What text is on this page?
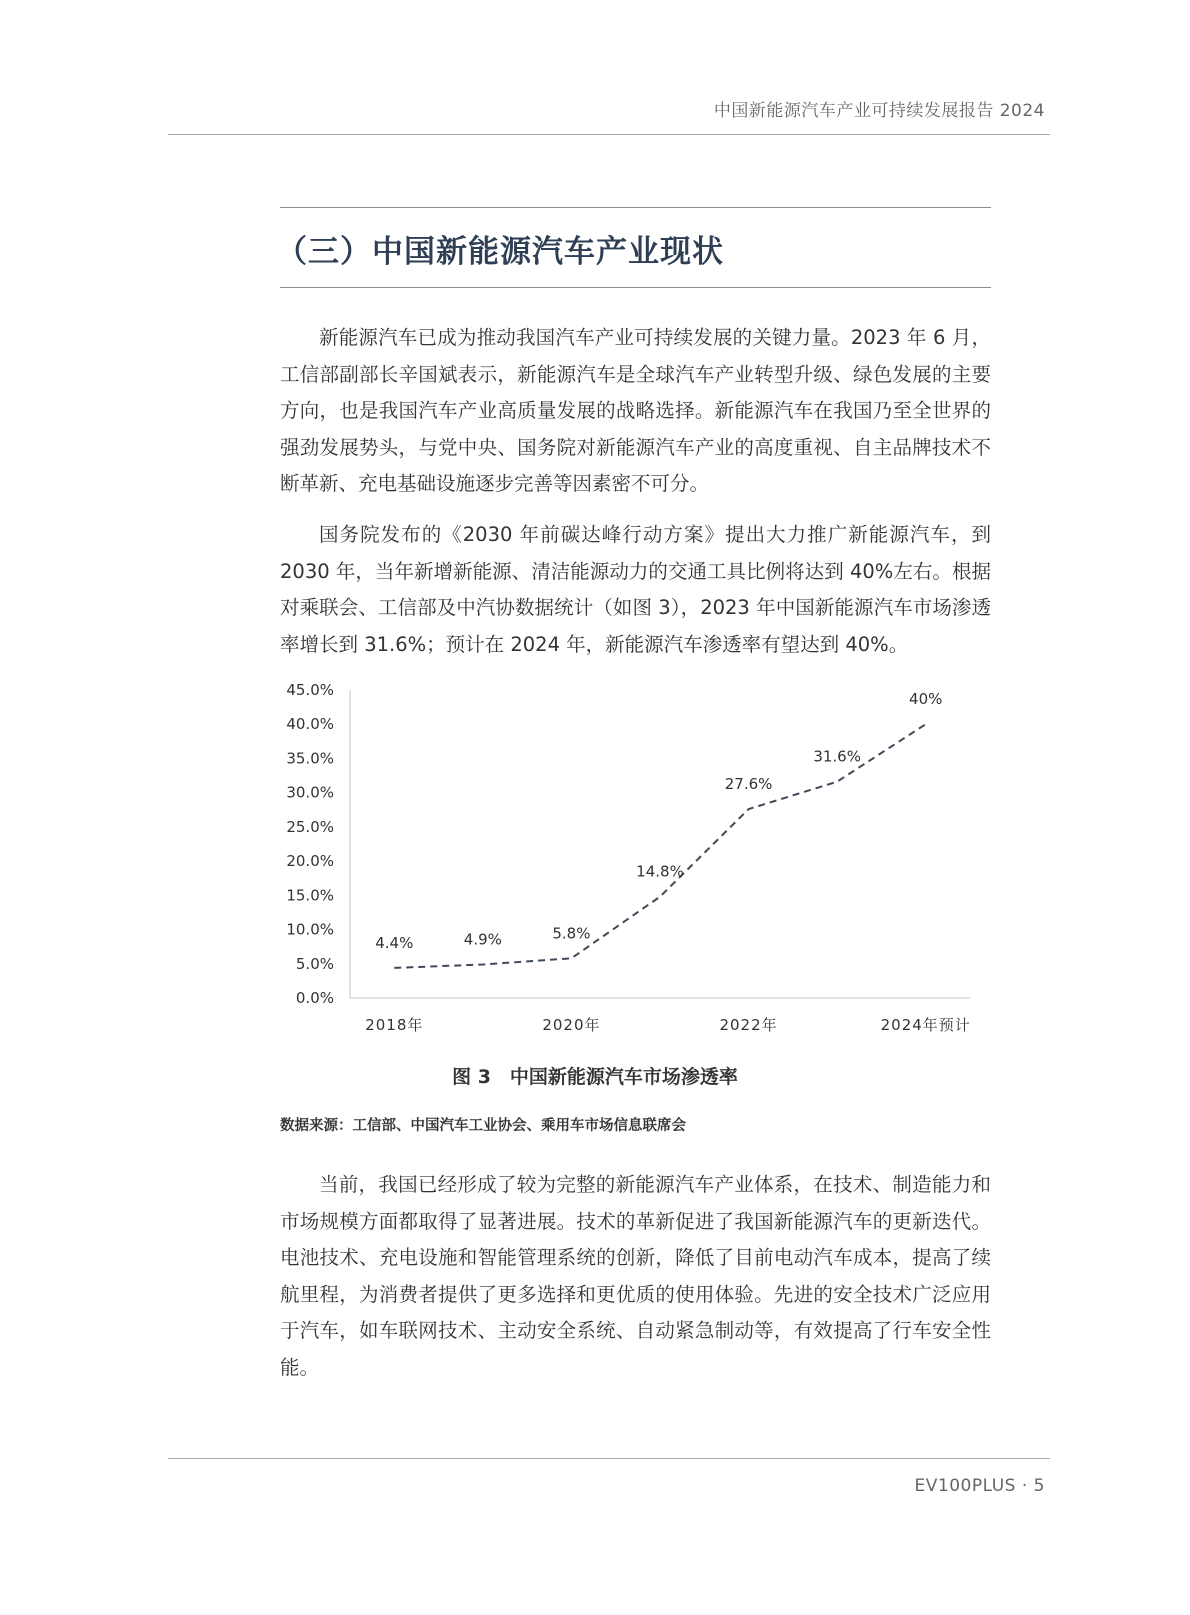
中国新能源汽车产业可持续发展报告 2024
（三）中国新能源汽车产业现状

新能源汽车已成为推动我国汽车产业可持续发展的关键力量。2023 年 6 月，工信部副部长辛国斌表示，新能源汽车是全球汽车产业转型升级、绿色发展的主要方向，也是我国汽车产业高质量发展的战略选择。新能源汽车在我国乃至全世界的强劲发展势头，与党中央、国务院对新能源汽车产业的高度重视、自主品牌技术不断革新、充电基础设施逐步完善等因素密不可分。

国务院发布的《2030 年前碳达峰行动方案》提出大力推广新能源汽车，到 2030 年，当年新增新能源、清洁能源动力的交通工具比例将达到 40%左右。根据对乘联会、工信部及中汽协数据统计（如图 3），2023 年中国新能源汽车市场渗透率增长到 31.6%；预计在 2024 年，新能源汽车渗透率有望达到 40%。

0.0%
5.0%
10.0%
15.0%
20.0%
25.0%
30.0%
35.0%
40.0%
45.0%
2018年	2020年	2022年	2024年预计
4.4%	4.9%	5.8%
14.8%
27.6%
31.6%
40%
图 3　中国新能源汽车市场渗透率
数据来源：工信部、中国汽车工业协会、乘用车市场信息联席会

当前，我国已经形成了较为完整的新能源汽车产业体系，在技术、制造能力和市场规模方面都取得了显著进展。技术的革新促进了我国新能源汽车的更新迭代。电池技术、充电设施和智能管理系统的创新，降低了目前电动汽车成本，提高了续航里程，为消费者提供了更多选择和更优质的使用体验。先进的安全技术广泛应用于汽车，如车联网技术、主动安全系统、自动紧急制动等，有效提高了行车安全性能。

EV100PLUS · 5
